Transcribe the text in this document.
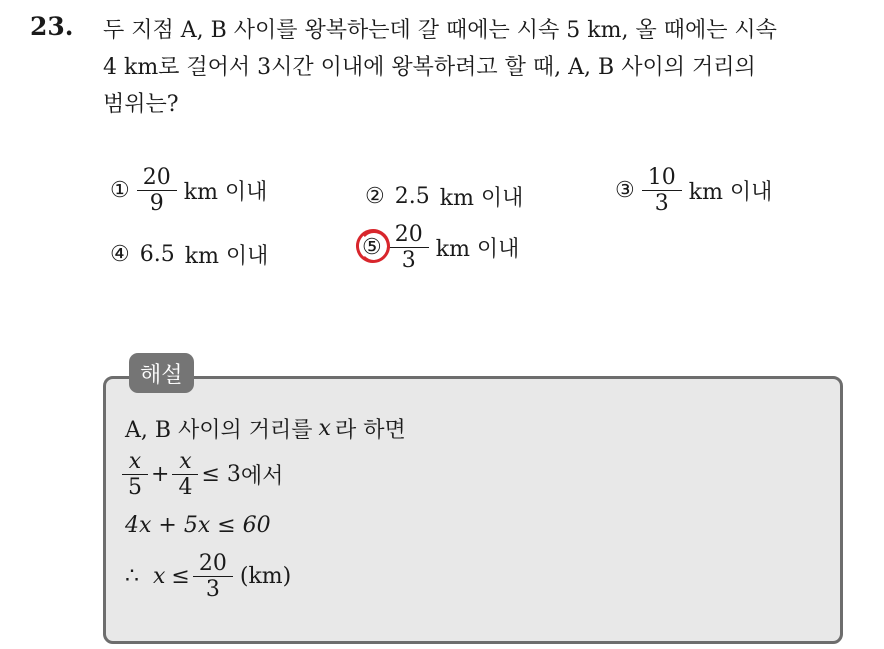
23. 두 지점 A, B 사이를 왕복하는데 갈 때에는 시속 5 km, 올 때에는 시속
4 km로 걸어서 3시간 이내에 왕복하려고 할 때, A, B 사이의 거리의
범위는?
① $\frac{20}{9}$ km 이내	② 2.5 km 이내	③ $\frac{10}{3}$ km 이내
④ 6.5 km 이내	⑤ $\frac{20}{3}$ km 이내
해설
A, B 사이의 거리를 x 라 하면
$\frac{x}{5} + \frac{x}{4} \le 3$ 에서
4x + 5x ≤ 60
∴ $x \le \frac{20}{3} (km)$
